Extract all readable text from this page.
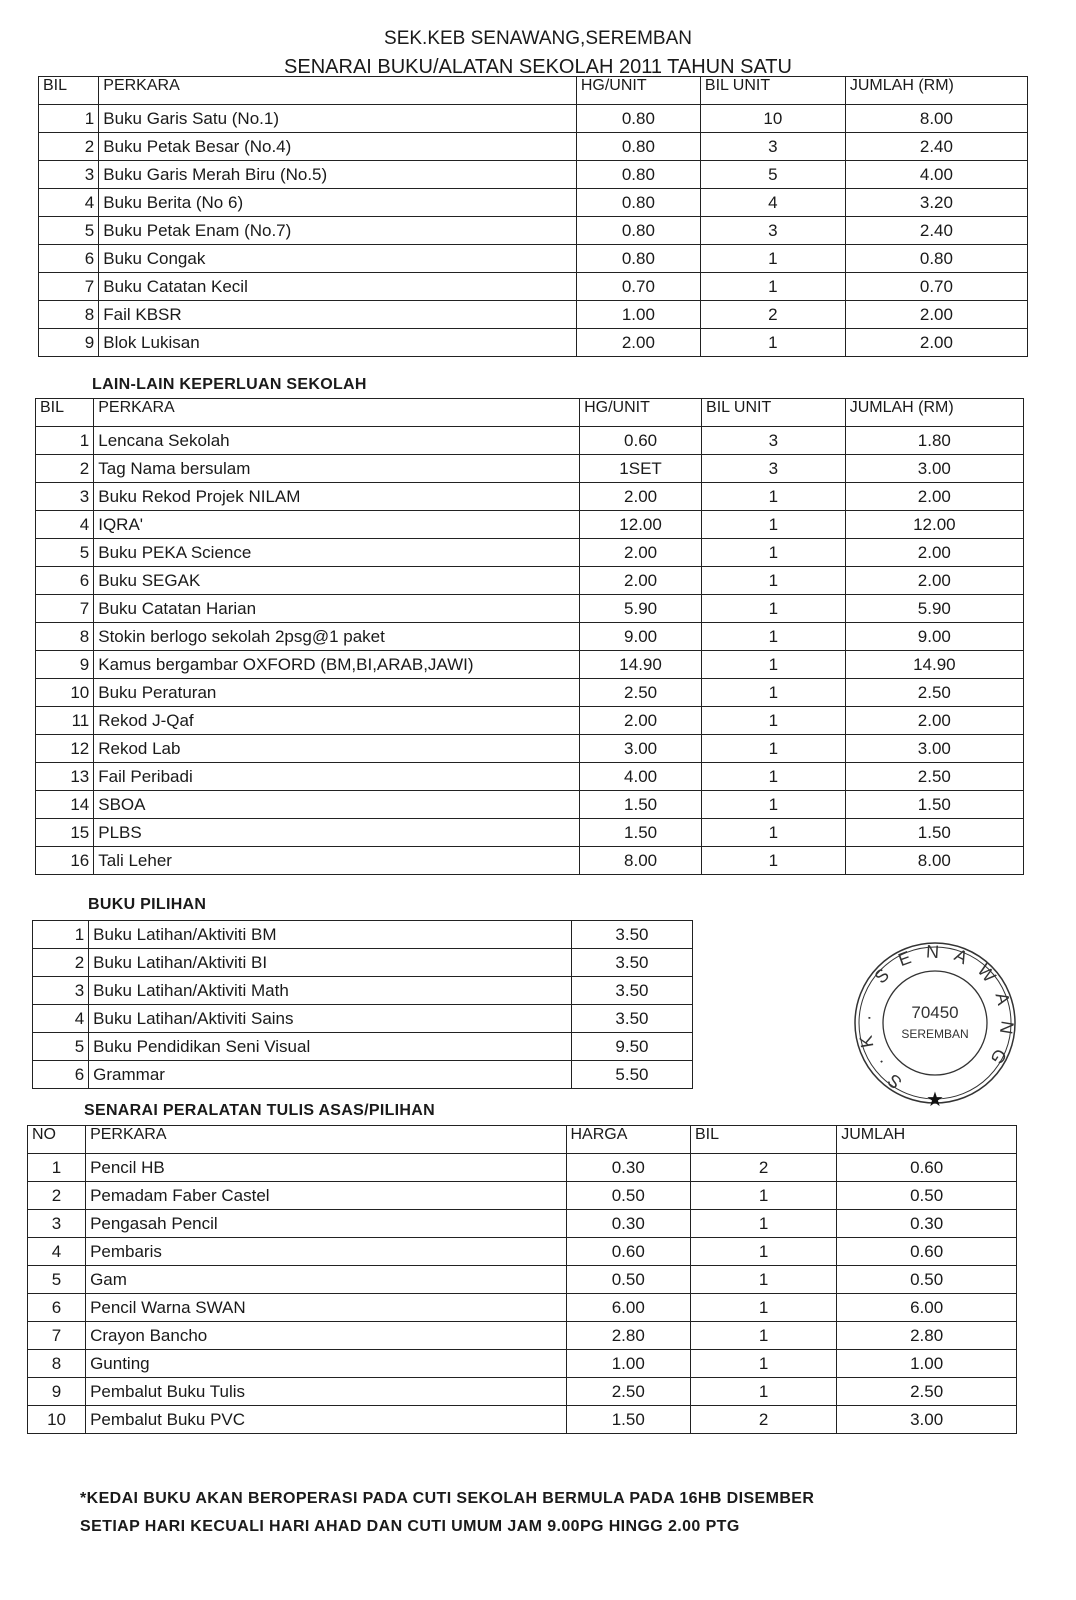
SEK.KEB SENAWANG,SEREMBAN
SENARAI BUKU/ALATAN SEKOLAH 2011 TAHUN SATU
BIL	PERKARA	HG/UNIT	BIL UNIT	JUMLAH (RM)
1	Buku Garis Satu (No.1)	0.80	10	8.00
2	Buku Petak Besar (No.4)	0.80	3	2.40
3	Buku Garis Merah Biru (No.5)	0.80	5	4.00
4	Buku Berita (No 6)	0.80	4	3.20
5	Buku Petak Enam (No.7)	0.80	3	2.40
6	Buku Congak	0.80	1	0.80
7	Buku Catatan Kecil	0.70	1	0.70
8	Fail KBSR	1.00	2	2.00
9	Blok Lukisan	2.00	1	2.00
LAIN-LAIN KEPERLUAN SEKOLAH
BIL	PERKARA	HG/UNIT	BIL UNIT	JUMLAH (RM)
1	Lencana Sekolah	0.60	3	1.80
2	Tag Nama bersulam	1SET	3	3.00
3	Buku Rekod Projek NILAM	2.00	1	2.00
4	IQRA'	12.00	1	12.00
5	Buku PEKA Science	2.00	1	2.00
6	Buku SEGAK	2.00	1	2.00
7	Buku Catatan Harian	5.90	1	5.90
8	Stokin berlogo sekolah 2psg@1 paket	9.00	1	9.00
9	Kamus bergambar OXFORD (BM,BI,ARAB,JAWI)	14.90	1	14.90
10	Buku Peraturan	2.50	1	2.50
11	Rekod J-Qaf	2.00	1	2.00
12	Rekod Lab	3.00	1	3.00
13	Fail Peribadi	4.00	1	2.50
14	SBOA	1.50	1	1.50
15	PLBS	1.50	1	1.50
16	Tali Leher	8.00	1	8.00
BUKU PILIHAN
1	Buku Latihan/Aktiviti BM	3.50
2	Buku Latihan/Aktiviti BI	3.50
3	Buku Latihan/Aktiviti Math	3.50
4	Buku Latihan/Aktiviti Sains	3.50
5	Buku Pendidikan Seni Visual	9.50
6	Grammar	5.50
SENARAI PERALATAN TULIS ASAS/PILIHAN
NO	PERKARA	HARGA	BIL	JUMLAH
1	Pencil HB	0.30	2	0.60
2	Pemadam Faber Castel	0.50	1	0.50
3	Pengasah Pencil	0.30	1	0.30
4	Pembaris	0.60	1	0.60
5	Gam	0.50	1	0.50
6	Pencil Warna SWAN	6.00	1	6.00
7	Crayon Bancho	2.80	1	2.80
8	Gunting	1.00	1	1.00
9	Pembalut Buku Tulis	2.50	1	2.50
10	Pembalut Buku PVC	1.50	2	3.00
S.K. SENAWANG
70450
SEREMBAN
★
*KEDAI BUKU AKAN BEROPERASI PADA CUTI SEKOLAH BERMULA PADA 16HB DISEMBER
SETIAP HARI KECUALI HARI AHAD DAN CUTI UMUM JAM 9.00PG HINGG 2.00 PTG
